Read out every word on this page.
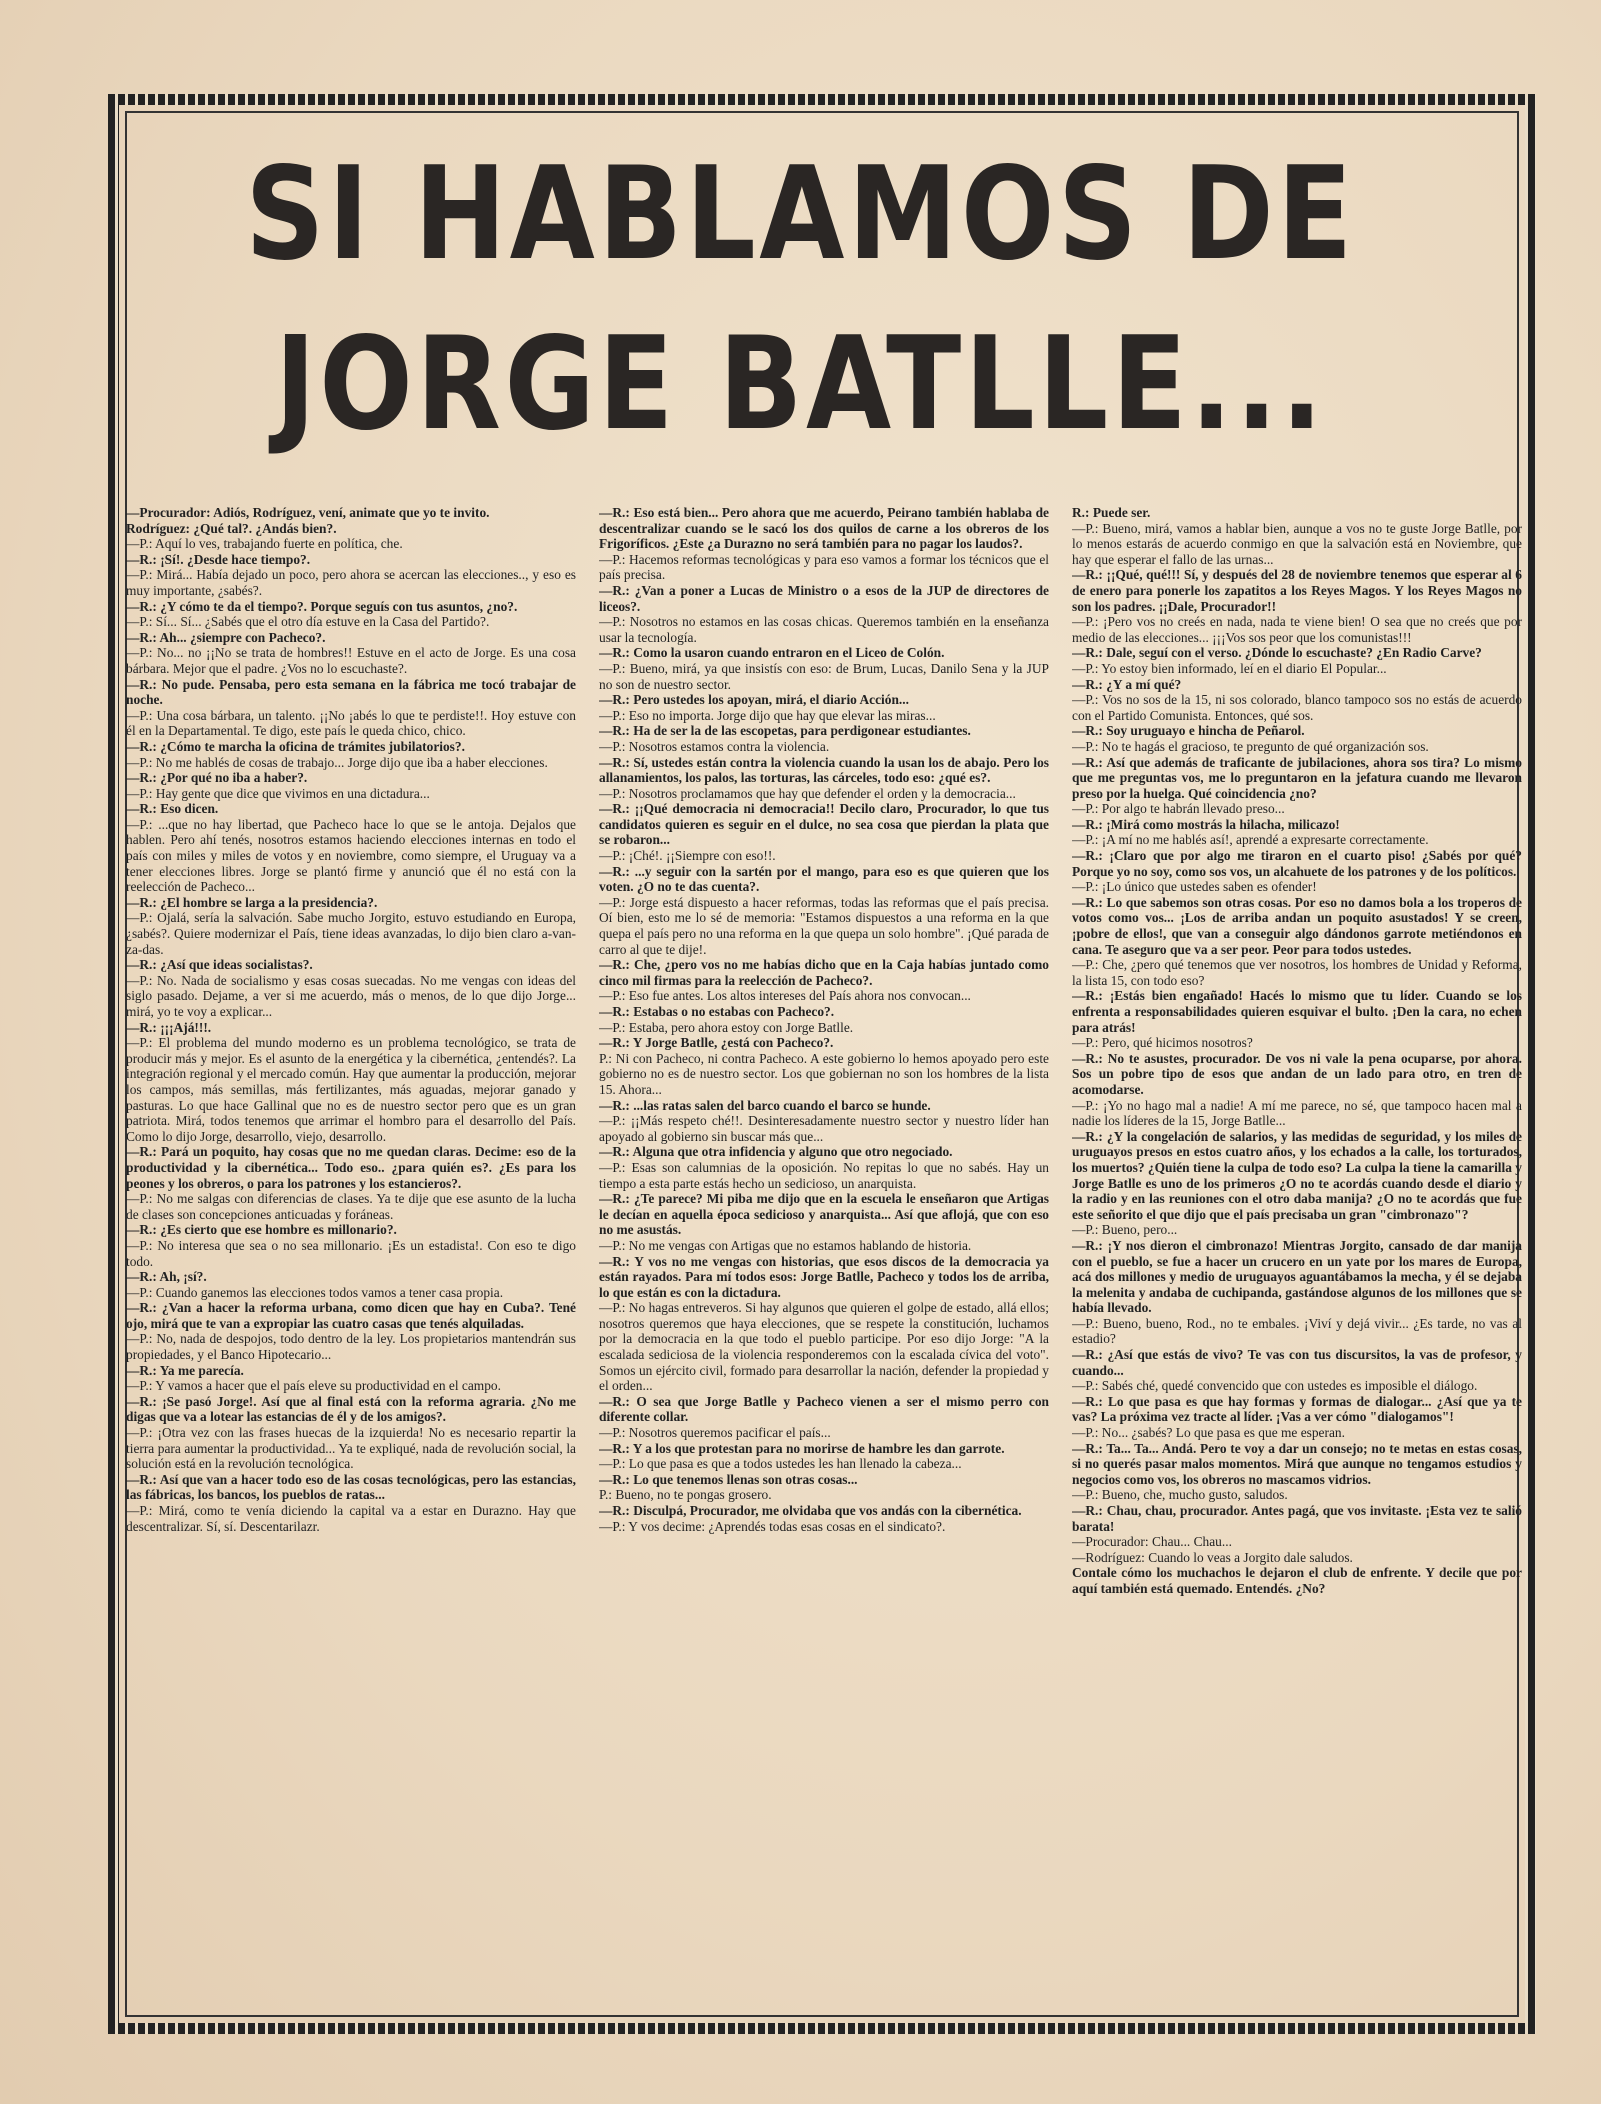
SI HABLAMOS DE
JORGE BATLLE...

—Procurador: Adiós, Rodríguez, vení, animate que yo te invito.

Rodríguez: ¿Qué tal?. ¿Andás bien?.

—P.: Aquí lo ves, trabajando fuerte en política, che.

—R.: ¡Sí!. ¿Desde hace tiempo?.

—P.: Mirá... Había dejado un poco, pero ahora se acercan las elecciones.., y eso es muy importante, ¿sabés?.

—R.: ¿Y cómo te da el tiempo?. Porque seguís con tus asuntos, ¿no?.

—P.: Sí... Sí... ¿Sabés que el otro día estuve en la Casa del Partido?.

—R.: Ah... ¿siempre con Pacheco?.

—P.: No... no ¡¡No se trata de hombres!! Estuve en el acto de Jorge. Es una cosa bárbara. Mejor que el padre. ¿Vos no lo escuchaste?.

—R.: No pude. Pensaba, pero esta semana en la fábrica me tocó trabajar de noche.

—P.: Una cosa bárbara, un talento. ¡¡No ¡abés lo que te perdiste!!. Hoy estuve con él en la Departamental. Te digo, este país le queda chico, chico.

—R.: ¿Cómo te marcha la oficina de trámites jubilatorios?.

—P.: No me hablés de cosas de trabajo... Jorge dijo que iba a haber elecciones.

—R.: ¿Por qué no iba a haber?.

—P.: Hay gente que dice que vivimos en una dictadura...

—R.: Eso dicen.

—P.: ...que no hay libertad, que Pacheco hace lo que se le antoja. Dejalos que hablen. Pero ahí tenés, nosotros estamos haciendo elecciones internas en todo el país con miles y miles de votos y en noviembre, como siempre, el Uruguay va a tener elecciones libres. Jorge se plantó firme y anunció que él no está con la reelección de Pacheco...

—R.: ¿El hombre se larga a la presidencia?.

—P.: Ojalá, sería la salvación. Sabe mucho Jorgito, estuvo estudiando en Europa, ¿sabés?. Quiere modernizar el País, tiene ideas avanzadas, lo dijo bien claro a-van-za-das.

—R.: ¿Así que ideas socialistas?.

—P.: No. Nada de socialismo y esas cosas suecadas. No me vengas con ideas del siglo pasado. Dejame, a ver si me acuerdo, más o menos, de lo que dijo Jorge... mirá, yo te voy a explicar...

—R.: ¡¡¡Ajá!!!.

—P.: El problema del mundo moderno es un problema tecnológico, se trata de producir más y mejor. Es el asunto de la energética y la cibernética, ¿entendés?. La integración regional y el mercado común. Hay que aumentar la producción, mejorar los campos, más semillas, más fertilizantes, más aguadas, mejorar ganado y pasturas. Lo que hace Gallinal que no es de nuestro sector pero que es un gran patriota. Mirá, todos tenemos que arrimar el hombro para el desarrollo del País. Como lo dijo Jorge, desarrollo, viejo, desarrollo.

—R.: Pará un poquito, hay cosas que no me quedan claras. Decime: eso de la productividad y la cibernética... Todo eso.. ¿para quién es?. ¿Es para los peones y los obreros, o para los patrones y los estancieros?.

—P.: No me salgas con diferencias de clases. Ya te dije que ese asunto de la lucha de clases son concepciones anticuadas y foráneas.

—R.: ¿Es cierto que ese hombre es millonario?.

—P.: No interesa que sea o no sea millonario. ¡Es un estadista!. Con eso te digo todo.

—R.: Ah, ¡sí?.

—P.: Cuando ganemos las elecciones todos vamos a tener casa propia.

—R.: ¿Van a hacer la reforma urbana, como dicen que hay en Cuba?. Tené ojo, mirá que te van a expropiar las cuatro casas que tenés alquiladas.

—P.: No, nada de despojos, todo dentro de la ley. Los propietarios mantendrán sus propiedades, y el Banco Hipotecario...

—R.: Ya me parecía.

—P.: Y vamos a hacer que el país eleve su productividad en el campo.

—R.: ¡Se pasó Jorge!. Así que al final está con la reforma agraria. ¿No me digas que va a lotear las estancias de él y de los amigos?.

—P.: ¡Otra vez con las frases huecas de la izquierda! No es necesario repartir la tierra para aumentar la productividad... Ya te expliqué, nada de revolución social, la solución está en la revolución tecnológica.

—R.: Así que van a hacer todo eso de las cosas tecnológicas, pero las estancias, las fábricas, los bancos, los pueblos de ratas...

—P.: Mirá, como te venía diciendo la capital va a estar en Durazno. Hay que descentralizar. Sí, sí. Descentarilazr.

—R.: Eso está bien... Pero ahora que me acuerdo, Peirano también hablaba de descentralizar cuando se le sacó los dos quilos de carne a los obreros de los Frigoríficos. ¿Este ¿a Durazno no será también para no pagar los laudos?.

—P.: Hacemos reformas tecnológicas y para eso vamos a formar los técnicos que el país precisa.

—R.: ¿Van a poner a Lucas de Ministro o a esos de la JUP de directores de liceos?.

—P.: Nosotros no estamos en las cosas chicas. Queremos también en la enseñanza usar la tecnología.

—R.: Como la usaron cuando entraron en el Liceo de Colón.

—P.: Bueno, mirá, ya que insistís con eso: de Brum, Lucas, Danilo Sena y la JUP no son de nuestro sector.

—R.: Pero ustedes los apoyan, mirá, el diario Acción...

—P.: Eso no importa. Jorge dijo que hay que elevar las miras...

—R.: Ha de ser la de las escopetas, para perdigonear estudiantes.

—P.: Nosotros estamos contra la violencia.

—R.: Sí, ustedes están contra la violencia cuando la usan los de abajo. Pero los allanamientos, los palos, las torturas, las cárceles, todo eso: ¿qué es?.

—P.: Nosotros proclamamos que hay que defender el orden y la democracia...

—R.: ¡¡Qué democracia ni democracia!! Decilo claro, Procurador, lo que tus candidatos quieren es seguir en el dulce, no sea cosa que pierdan la plata que se robaron...

—P.: ¡Ché!. ¡¡Siempre con eso!!.

—R.: ...y seguir con la sartén por el mango, para eso es que quieren que los voten. ¿O no te das cuenta?.

—P.: Jorge está dispuesto a hacer reformas, todas las reformas que el país precisa. Oí bien, esto me lo sé de memoria: "Estamos dispuestos a una reforma en la que quepa el país pero no una reforma en la que quepa un solo hombre". ¡Qué parada de carro al que te dije!.

—R.: Che, ¿pero vos no me habías dicho que en la Caja habías juntado como cinco mil firmas para la reelección de Pacheco?.

—P.: Eso fue antes. Los altos intereses del País ahora nos convocan...

—R.: Estabas o no estabas con Pacheco?.

—P.: Estaba, pero ahora estoy con Jorge Batlle.

—R.: Y Jorge Batlle, ¿está con Pacheco?.

P.: Ni con Pacheco, ni contra Pacheco. A este gobierno lo hemos apoyado pero este gobierno no es de nuestro sector. Los que gobiernan no son los hombres de la lista 15. Ahora...

—R.: ...las ratas salen del barco cuando el barco se hunde.

—P.: ¡¡Más respeto ché!!. Desinteresadamente nuestro sector y nuestro líder han apoyado al gobierno sin buscar más que...

—R.: Alguna que otra infidencia y alguno que otro negociado.

—P.: Esas son calumnias de la oposición. No repitas lo que no sabés. Hay un tiempo a esta parte estás hecho un sedicioso, un anarquista.

—R.: ¿Te parece? Mi piba me dijo que en la escuela le enseñaron que Artigas le decían en aquella época sedicioso y anarquista... Así que aflojá, que con eso no me asustás.

—P.: No me vengas con Artigas que no estamos hablando de historia.

—R.: Y vos no me vengas con historias, que esos discos de la democracia ya están rayados. Para mí todos esos: Jorge Batlle, Pacheco y todos los de arriba, lo que están es con la dictadura.

—P.: No hagas entreveros. Si hay algunos que quieren el golpe de estado, allá ellos; nosotros queremos que haya elecciones, que se respete la constitución, luchamos por la democracia en la que todo el pueblo participe. Por eso dijo Jorge: "A la escalada sediciosa de la violencia responderemos con la escalada cívica del voto". Somos un ejército civil, formado para desarrollar la nación, defender la propiedad y el orden...

—R.: O sea que Jorge Batlle y Pacheco vienen a ser el mismo perro con diferente collar.

—P.: Nosotros queremos pacificar el país...

—R.: Y a los que protestan para no morirse de hambre les dan garrote.

—P.: Lo que pasa es que a todos ustedes les han llenado la cabeza...

—R.: Lo que tenemos llenas son otras cosas...

P.: Bueno, no te pongas grosero.

—R.: Disculpá, Procurador, me olvidaba que vos andás con la cibernética.

—P.: Y vos decime: ¿Aprendés todas esas cosas en el sindicato?.

R.: Puede ser.

—P.: Bueno, mirá, vamos a hablar bien, aunque a vos no te guste Jorge Batlle, por lo menos estarás de acuerdo conmigo en que la salvación está en Noviembre, que hay que esperar el fallo de las urnas...

—R.: ¡¡Qué, qué!!! Sí, y después del 28 de noviembre tenemos que esperar al 6 de enero para ponerle los zapatitos a los Reyes Magos. Y los Reyes Magos no son los padres. ¡¡Dale, Procurador!!

—P.: ¡Pero vos no creés en nada, nada te viene bien! O sea que no creés que por medio de las elecciones... ¡¡¡Vos sos peor que los comunistas!!!

—R.: Dale, seguí con el verso. ¿Dónde lo escuchaste? ¿En Radio Carve?

—P.: Yo estoy bien informado, leí en el diario El Popular...

—R.: ¿Y a mí qué?

—P.: Vos no sos de la 15, ni sos colorado, blanco tampoco sos no estás de acuerdo con el Partido Comunista. Entonces, qué sos.

—R.: Soy uruguayo e hincha de Peñarol.

—P.: No te hagás el gracioso, te pregunto de qué organización sos.

—R.: Así que además de traficante de jubilaciones, ahora sos tira? Lo mismo que me preguntas vos, me lo preguntaron en la jefatura cuando me llevaron preso por la huelga. Qué coincidencia ¿no?

—P.: Por algo te habrán llevado preso...

—R.: ¡Mirá como mostrás la hilacha, milicazo!

—P.: ¡A mí no me hablés así!, aprendé a expresarte correctamente.

—R.: ¡Claro que por algo me tiraron en el cuarto piso! ¿Sabés por qué? Porque yo no soy, como sos vos, un alcahuete de los patrones y de los políticos.

—P.: ¡Lo único que ustedes saben es ofender!

—R.: Lo que sabemos son otras cosas. Por eso no damos bola a los troperos de votos como vos... ¡Los de arriba andan un poquito asustados! Y se creen, ¡pobre de ellos!, que van a conseguir algo dándonos garrote metiéndonos en cana. Te aseguro que va a ser peor. Peor para todos ustedes.

—P.: Che, ¿pero qué tenemos que ver nosotros, los hombres de Unidad y Reforma, la lista 15, con todo eso?

—R.: ¡Estás bien engañado! Hacés lo mismo que tu líder. Cuando se los enfrenta a responsabilidades quieren esquivar el bulto. ¡Den la cara, no echen para atrás!

—P.: Pero, qué hicimos nosotros?

—R.: No te asustes, procurador. De vos ni vale la pena ocuparse, por ahora. Sos un pobre tipo de esos que andan de un lado para otro, en tren de acomodarse.

—P.: ¡Yo no hago mal a nadie! A mí me parece, no sé, que tampoco hacen mal a nadie los líderes de la 15, Jorge Batlle...

—R.: ¿Y la congelación de salarios, y las medidas de seguridad, y los miles de uruguayos presos en estos cuatro años, y los echados a la calle, los torturados, los muertos? ¿Quién tiene la culpa de todo eso? La culpa la tiene la camarilla y Jorge Batlle es uno de los primeros ¿O no te acordás cuando desde el diario y la radio y en las reuniones con el otro daba manija? ¿O no te acordás que fue este señorito el que dijo que el país precisaba un gran "cimbronazo"?

—P.: Bueno, pero...

—R.: ¡Y nos dieron el cimbronazo! Mientras Jorgito, cansado de dar manija con el pueblo, se fue a hacer un crucero en un yate por los mares de Europa, acá dos millones y medio de uruguayos aguantábamos la mecha, y él se dejaba la melenita y andaba de cuchipanda, gastándose algunos de los millones que se había llevado.

—P.: Bueno, bueno, Rod., no te embales. ¡Viví y dejá vivir... ¿Es tarde, no vas al estadio?

—R.: ¿Así que estás de vivo? Te vas con tus discursitos, la vas de profesor, y cuando...

—P.: Sabés ché, quedé convencido que con ustedes es imposible el diálogo.

—R.: Lo que pasa es que hay formas y formas de dialogar... ¿Así que ya te vas? La próxima vez tracte al líder. ¡Vas a ver cómo "dialogamos"!

—P.: No... ¿sabés? Lo que pasa es que me esperan.

—R.: Ta... Ta... Andá. Pero te voy a dar un consejo; no te metas en estas cosas, si no querés pasar malos momentos. Mirá que aunque no tengamos estudios y negocios como vos, los obreros no mascamos vidrios.

—P.: Bueno, che, mucho gusto, saludos.

—R.: Chau, chau, procurador. Antes pagá, que vos invitaste. ¡Esta vez te salió barata!

—Procurador: Chau... Chau...

—Rodríguez: Cuando lo veas a Jorgito dale saludos.

Contale cómo los muchachos le dejaron el club de enfrente. Y decile que por aquí también está quemado. Entendés. ¿No?
